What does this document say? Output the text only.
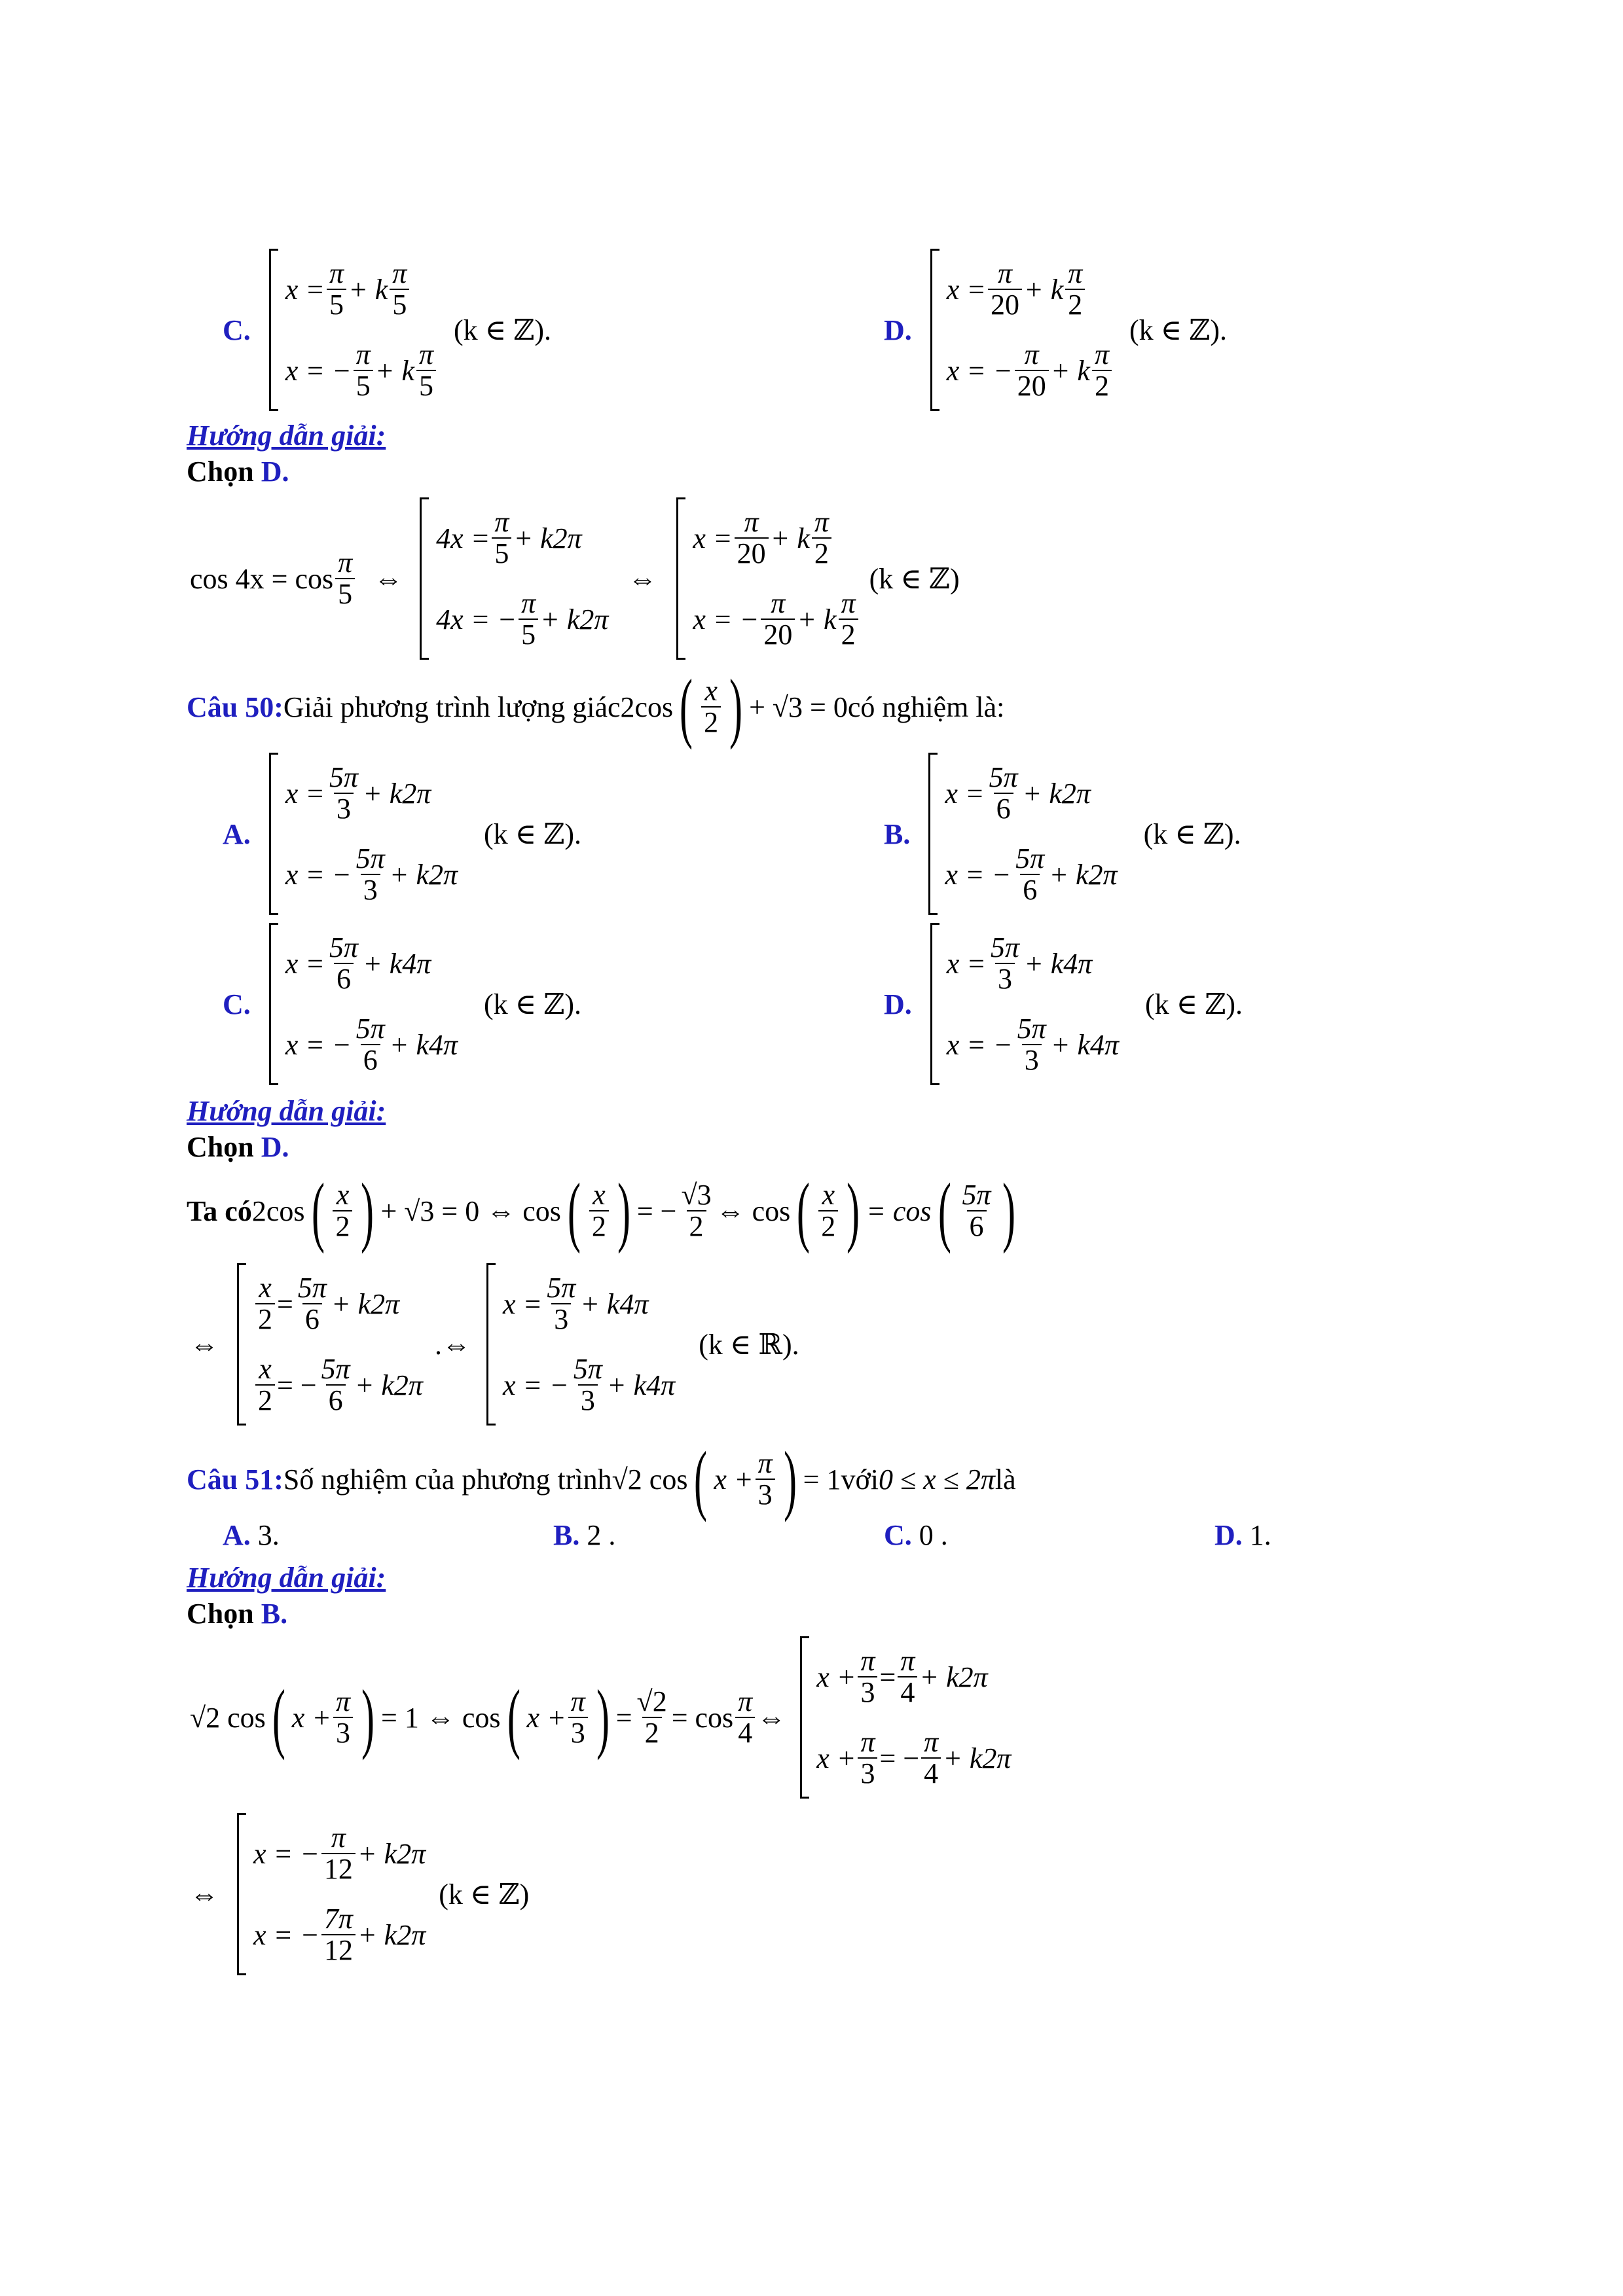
C.
$x = \frac{\pi}{5} + k \frac{\pi}{5}$
x = − $\frac{\pi}{5} + k \frac{\pi}{5}$
(k ∈ ℤ).	D.
$x = \frac{\pi}{20} + k \frac{\pi}{2}$
x = − $\frac{\pi}{20} + k \frac{\pi}{2}$
(k ∈ ℤ).
Hướng dẫn giải:
Chọn D.
$\cos 4x = \cos \frac{\pi}{5}$ ⇔
$4x = \frac{\pi}{5} + k2\pi$
4x = − $\frac{\pi}{5} + k2\pi$
⇔
$x = \frac{\pi}{20} + k \frac{\pi}{2}$
x = − $\frac{\pi}{20} + k \frac{\pi}{2}$
(k ∈ ℤ)
Câu 50: Giải phương trình lượng giác 2cos ( $\frac{x}{2}$ ) + √3 = 0 có nghiệm là:
A.
$x = \frac{5\pi}{3} + k2\pi$
x = − $\frac{5\pi}{3} + k2\pi$
(k ∈ ℤ).	B.
$x = \frac{5\pi}{6} + k2\pi$
x = − $\frac{5\pi}{6} + k2\pi$
(k ∈ ℤ).
C.
$x = \frac{5\pi}{6} + k4\pi$
x = − $\frac{5\pi}{6} + k4\pi$
(k ∈ ℤ).	D.
$x = \frac{5\pi}{3} + k4\pi$
x = − $\frac{5\pi}{3} + k4\pi$
(k ∈ ℤ).
Hướng dẫn giải:
Chọn D.
Ta có 2cos ( $\frac{x}{2}$ ) + √3 = 0 ⇔ cos ( $\frac{x}{2}$ ) = − $\frac{√3}{2}$ ⇔ cos ( $\frac{x}{2}$ ) = cos ( $\frac{5\pi}{6}$ )
⇔
$\frac{x}{2} = \frac{5\pi}{6} + k2\pi$
$\frac{x}{2}$ = − $\frac{5\pi}{6} + k2\pi$
.⇔
$x = \frac{5\pi}{3} + k4\pi$
x = − $\frac{5\pi}{3} + k4\pi$
(k ∈ ℝ).
Câu 51: Số nghiệm của phương trình √2 cos ( $x + \frac{\pi}{3}$ ) = 1 với 0 ≤ x ≤ 2π là
A. 3.	B. 2 .	C. 0 .	D. 1.
Hướng dẫn giải:
Chọn B.
√2 cos ( $x + \frac{\pi}{3}$ ) = 1 ⇔ cos ( $x + \frac{\pi}{3}$ ) = $\frac{√2}{2} = \cos \frac{\pi}{4}$ ⇔
$x + \frac{\pi}{3} = \frac{\pi}{4} + k2\pi$
$x + \frac{\pi}{3}$ = − $\frac{\pi}{4} + k2\pi$
⇔
x = − $\frac{\pi}{12} + k2\pi$
x = − $\frac{7\pi}{12} + k2\pi$
(k ∈ ℤ)
